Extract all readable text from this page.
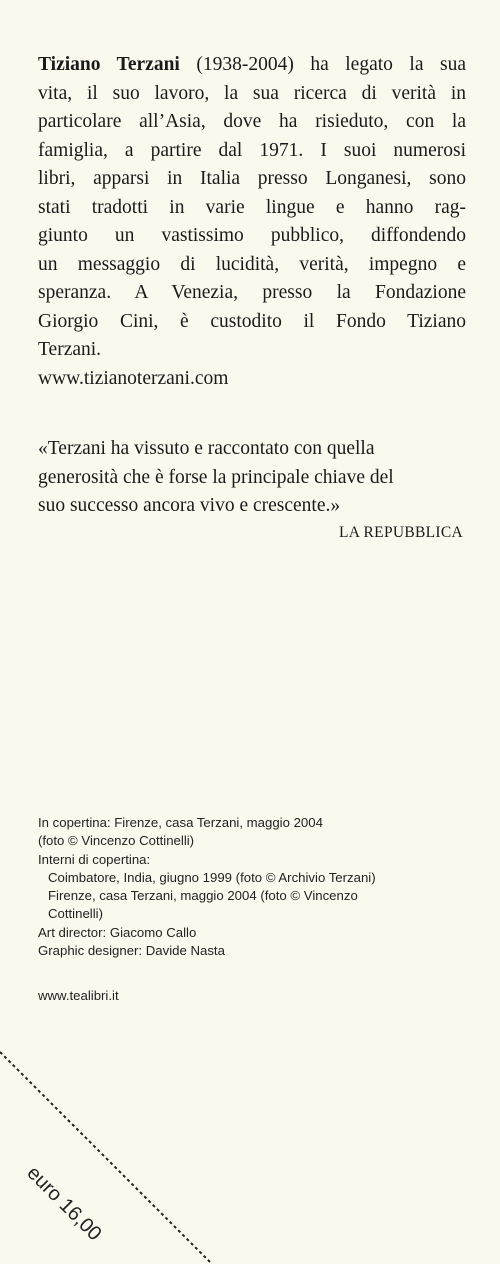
Tiziano Terzani (1938-2004) ha legato la sua
vita, il suo lavoro, la sua ricerca di verità in
particolare all’Asia, dove ha risieduto, con la
famiglia, a partire dal 1971. I suoi numerosi
libri, apparsi in Italia presso Longanesi, sono
stati tradotti in varie lingue e hanno rag-
giunto un vastissimo pubblico, diffondendo
un messaggio di lucidità, verità, impegno e
speranza. A Venezia, presso la Fondazione
Giorgio Cini, è custodito il Fondo Tiziano
Terzani.
www.tizianoterzani.com
«Terzani ha vissuto e raccontato con quella
generosità che è forse la principale chiave del
suo successo ancora vivo e crescente.»
LA REPUBBLICA
In copertina: Firenze, casa Terzani, maggio 2004
(foto © Vincenzo Cottinelli)
Interni di copertina:
Coimbatore, India, giugno 1999 (foto © Archivio Terzani)
Firenze, casa Terzani, maggio 2004 (foto © Vincenzo
Cottinelli)
Art director: Giacomo Callo
Graphic designer: Davide Nasta
www.tealibri.it
euro 16,00
